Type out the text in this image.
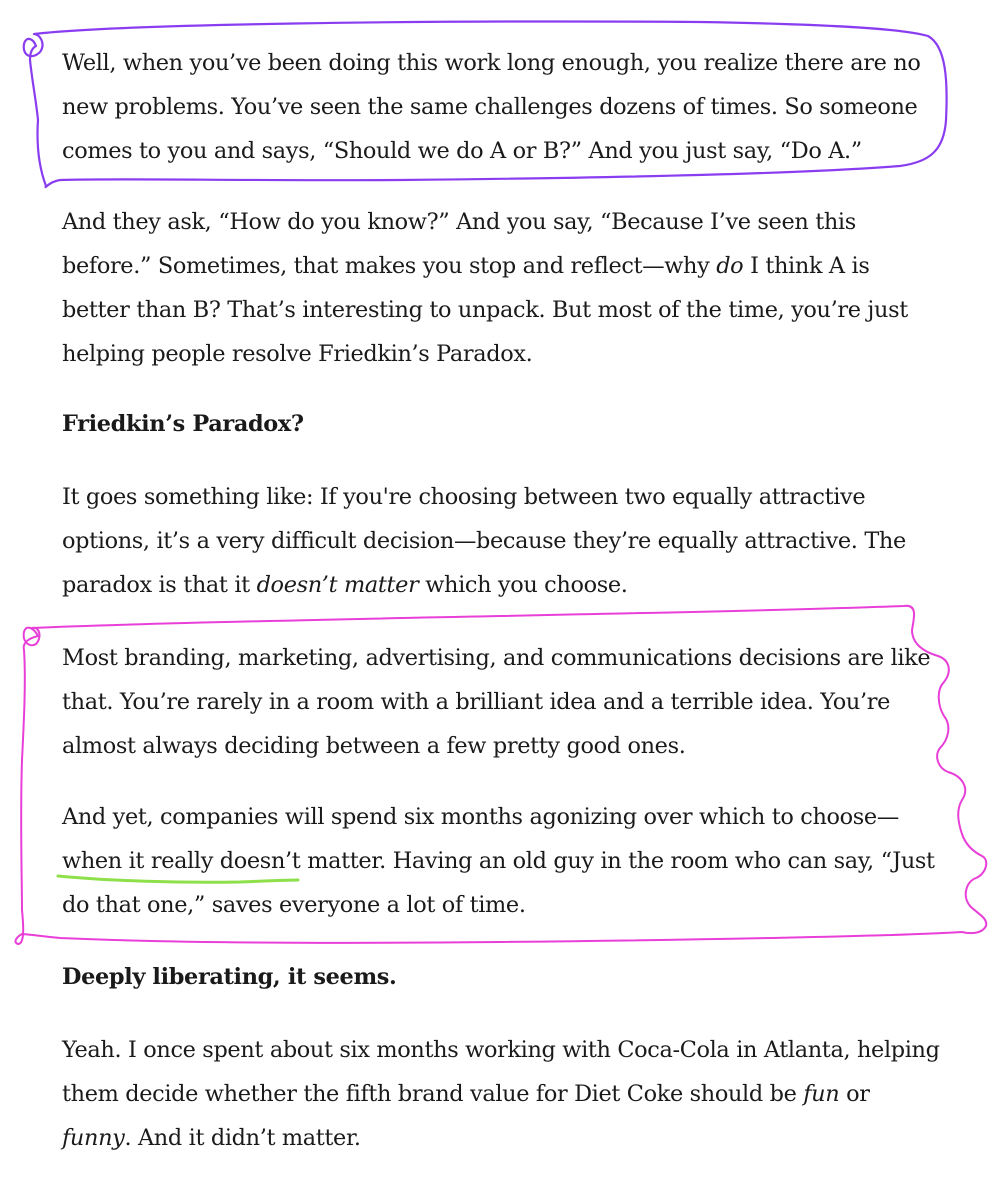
Well, when you’ve been doing this work long enough, you realize there are no new problems. You’ve seen the same challenges dozens of times. So someone comes to you and says, “Should we do A or B?” And you just say, “Do A.”

And they ask, “How do you know?” And you say, “Because I’ve seen this before.” Sometimes, that makes you stop and reflect—why do I think A is better than B? That’s interesting to unpack. But most of the time, you’re just helping people resolve Friedkin’s Paradox.

Friedkin’s Paradox?

It goes something like: If you're choosing between two equally attractive options, it’s a very difficult decision—because they’re equally attractive. The paradox is that it doesn’t matter which you choose.

Most branding, marketing, advertising, and communications decisions are like that. You’re rarely in a room with a brilliant idea and a terrible idea. You’re almost always deciding between a few pretty good ones.

And yet, companies will spend six months agonizing over which to choose—when it really doesn’t matter. Having an old guy in the room who can say, “Just do that one,” saves everyone a lot of time.

Deeply liberating, it seems.

Yeah. I once spent about six months working with Coca-Cola in Atlanta, helping them decide whether the fifth brand value for Diet Coke should be fun or funny. And it didn’t matter.
